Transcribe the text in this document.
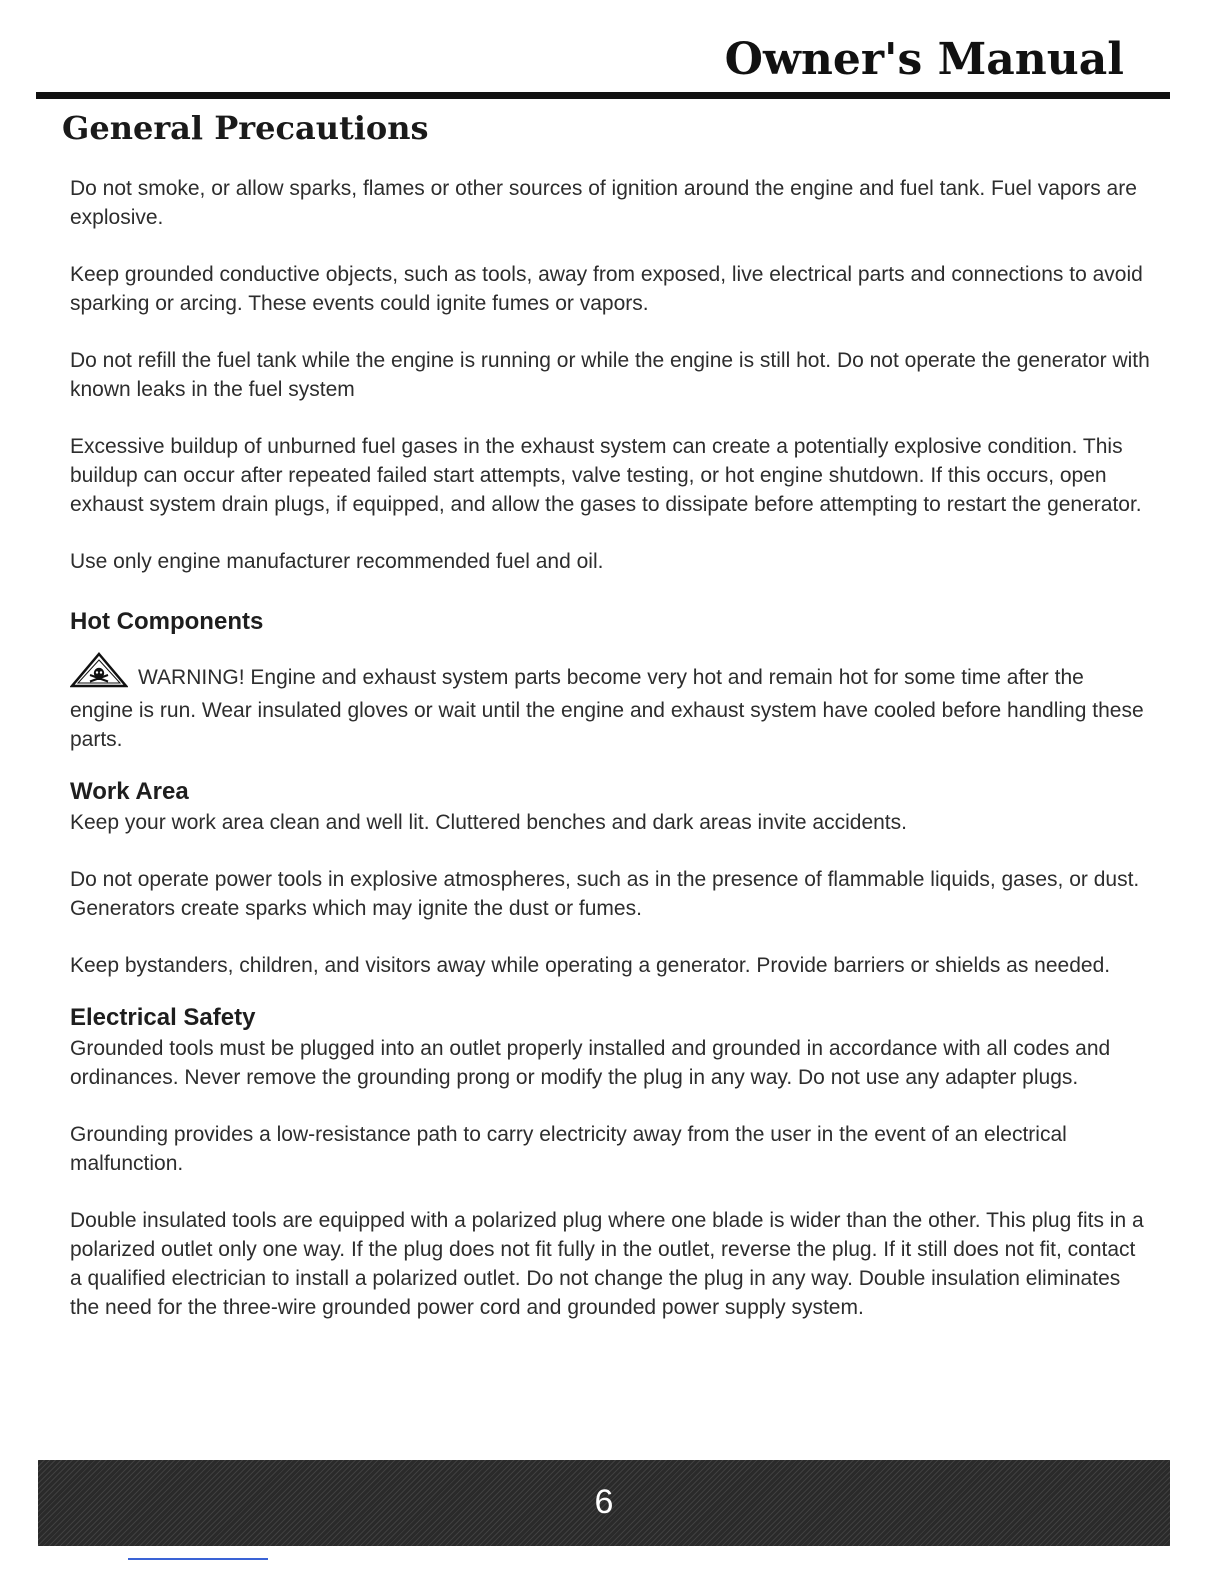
Owner's Manual
General Precautions

Do not smoke, or allow sparks, flames or other sources of ignition around the engine and fuel tank. Fuel vapors are explosive.

Keep grounded conductive objects, such as tools, away from exposed, live electrical parts and connections to avoid sparking or arcing. These events could ignite fumes or vapors.

Do not refill the fuel tank while the engine is running or while the engine is still hot. Do not operate the generator with known leaks in the fuel system

Excessive buildup of unburned fuel gases in the exhaust system can create a potentially explosive condition. This buildup can occur after repeated failed start attempts, valve testing, or hot engine shutdown. If this occurs, open exhaust system drain plugs, if equipped, and allow the gases to dissipate before attempting to restart the generator.

Use only engine manufacturer recommended fuel and oil.

Hot Components

WARNING! Engine and exhaust system parts become very hot and remain hot for some time after the engine is run. Wear insulated gloves or wait until the engine and exhaust system have cooled before handling these parts.

Work Area

Keep your work area clean and well lit. Cluttered benches and dark areas invite accidents.

Do not operate power tools in explosive atmospheres, such as in the presence of flammable liquids, gases, or dust. Generators create sparks which may ignite the dust or fumes.

Keep bystanders, children, and visitors away while operating a generator. Provide barriers or shields as needed.

Electrical Safety

Grounded tools must be plugged into an outlet properly installed and grounded in accordance with all codes and ordinances. Never remove the grounding prong or modify the plug in any way. Do not use any adapter plugs.

Grounding provides a low-resistance path to carry electricity away from the user in the event of an electrical malfunction.

Double insulated tools are equipped with a polarized plug where one blade is wider than the other. This plug fits in a polarized outlet only one way. If the plug does not fit fully in the outlet, reverse the plug. If it still does not fit, contact a qualified electrician to install a polarized outlet. Do not change the plug in any way. Double insulation eliminates the need for the three-wire grounded power cord and grounded power supply system.

6
